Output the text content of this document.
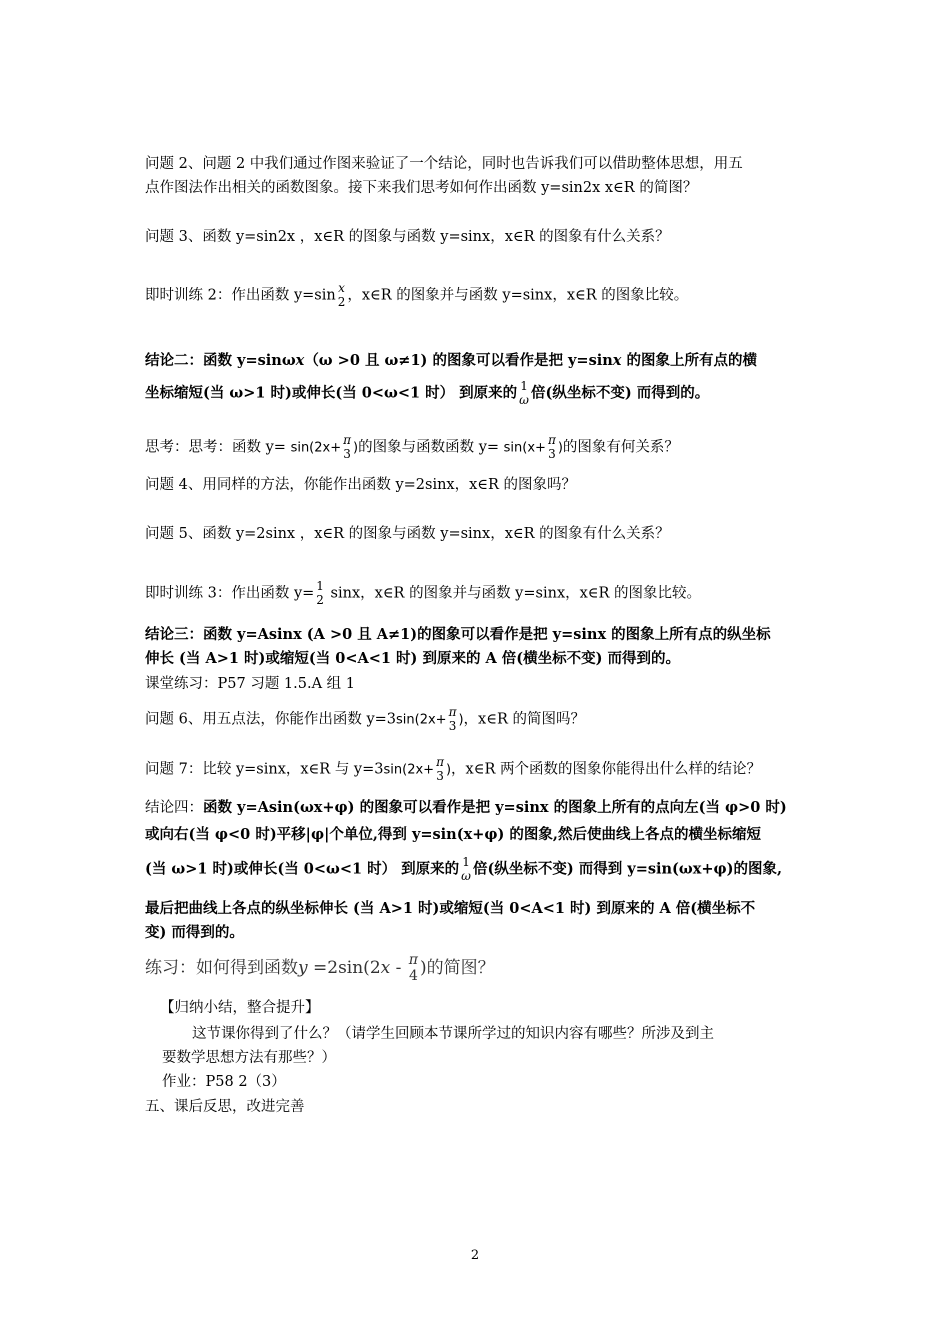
问题 2、问题 2 中我们通过作图来验证了一个结论，同时也告诉我们可以借助整体思想，用五
点作图法作出相关的函数图象。接下来我们思考如何作出函数 y=sin2x x∈R 的简图？
问题 3、函数 y=sin2x ，x∈R 的图象与函数 y=sinx，x∈R 的图象有什么关系？
即时训练 2：作出函数 y=sin x
2 ，x∈R 的图象并与函数 y=sinx，x∈R 的图象比较。
结论二：函数 y=sinωx（ω >0 且 ω≠1) 的图象可以看作是把 y=sinx 的图象上所有点的横
坐标缩短(当 ω>1 时)或伸长(当 0<ω<1 时） 到原来的 1
ω 倍(纵坐标不变) 而得到的。
思考：思考：函数 y= sin(2x+
π
3 )的图象与函数函数 y= sin(x+
π
3 )的图象有何关系？
问题 4、用同样的方法，你能作出函数 y=2sinx，x∈R 的图象吗？
问题 5、函数 y=2sinx ，x∈R 的图象与函数 y=sinx，x∈R 的图象有什么关系？
即时训练 3：作出函数 y= 1
2 sinx，x∈R 的图象并与函数 y=sinx，x∈R 的图象比较。
结论三：函数 y=Asinx (A >0 且 A≠1)的图象可以看作是把 y=sinx 的图象上所有点的纵坐标
伸长 (当 A>1 时)或缩短(当 0<A<1 时) 到原来的 A 倍(横坐标不变) 而得到的。
课堂练习：P57 习题 1.5.A 组 1
问题 6、用五点法，你能作出函数 y=3sin(2x+
π
3 )，x∈R 的简图吗？
问题 7：比较 y=sinx，x∈R 与 y=3sin(2x+
π
3 )，x∈R 两个函数的图象你能得出什么样的结论？
结论四：函数 y=Asin(ωx+φ) 的图象可以看作是把 y=sinx 的图象上所有的点向左(当 φ>0 时)
或向右(当 φ<0 时)平移|φ|个单位,得到 y=sin(x+φ) 的图象,然后使曲线上各点的横坐标缩短
(当 ω>1 时)或伸长(当 0<ω<1 时） 到原来的 1
ω 倍(纵坐标不变) 而得到 y=sin(ωx+φ)的图象,
最后把曲线上各点的纵坐标伸长 (当 A>1 时)或缩短(当 0<A<1 时) 到原来的 A 倍(横坐标不
变) 而得到的。
练习：如何得到函数y =2sin(2x - π
4 )的简图？
【归纳小结，整合提升】
这节课你得到了什么？（请学生回顾本节课所学过的知识内容有哪些？所涉及到主
要数学思想方法有那些？）
作业：P58 2（3）
五、课后反思，改进完善
2
